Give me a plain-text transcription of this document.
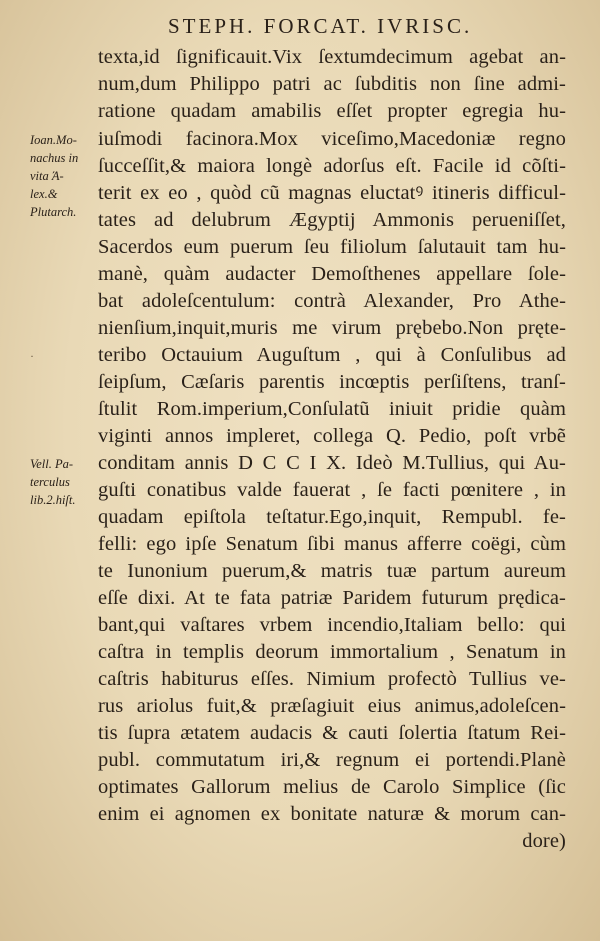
STEPH. FORCAT. IVRISC.
texta,id ſignificauit.Vix ſextumdecimum agebat an-
num,dum Philippo patri ac ſubditis non ſine admi-
ratione quadam amabilis eſſet propter egregia hu-
iuſmodi facinora.Mox viceſimo,Macedoniæ regno
ſucceſſit,& maiora longè adorſus eſt. Facile id cõſti-
terit ex eo , quòd cũ magnas eluctatꝰ itineris difficul-
tates ad delubrum Ægyptij Ammonis perueniſſet,
Sacerdos eum puerum ſeu filiolum ſalutauit tam hu-
manè, quàm audacter Demoſthenes appellare ſole-
bat adoleſcentulum: contrà Alexander, Pro Athe-
nienſium,inquit,muris me virum prębebo.Non pręte-
teribo Octauium Auguſtum , qui à Conſulibus ad
ſeipſum, Cæſaris parentis incœptis perſiſtens, tranſ-
ſtulit Rom.imperium,Conſulatũ iniuit pridie quàm
viginti annos impleret, collega Q. Pedio, poſt vrbẽ
conditam annis D C C I X. Ideò M.Tullius, qui Au-
guſti conatibus valde fauerat , ſe facti pœnitere , in
quadam epiſtola teſtatur.Ego,inquit, Rempubl. fe-
felli: ego ipſe Senatum ſibi manus afferre coëgi, cùm
te Iunonium puerum,& matris tuæ partum aureum
eſſe dixi. At te fata patriæ Paridem futurum prędica-
bant,qui vaſtares vrbem incendio,Italiam bello: qui
caſtra in templis deorum immortalium , Senatum in
caſtris habiturus eſſes. Nimium profectò Tullius ve-
rus ariolus fuit,& præſagiuit eius animus,adoleſcen-
tis ſupra ætatem audacis & cauti ſolertia ſtatum Rei-
publ. commutatum iri,& regnum ei portendi.Planè
optimates Gallorum melius de Carolo Simplice (ſic
enim ei agnomen ex bonitate naturæ & morum can-
dore)
Ioan.Mo-
nachus in
vita Ά-
lex.&
Plutarch.
·
Vell. Pa-
terculus
lib.2.hiſt.
